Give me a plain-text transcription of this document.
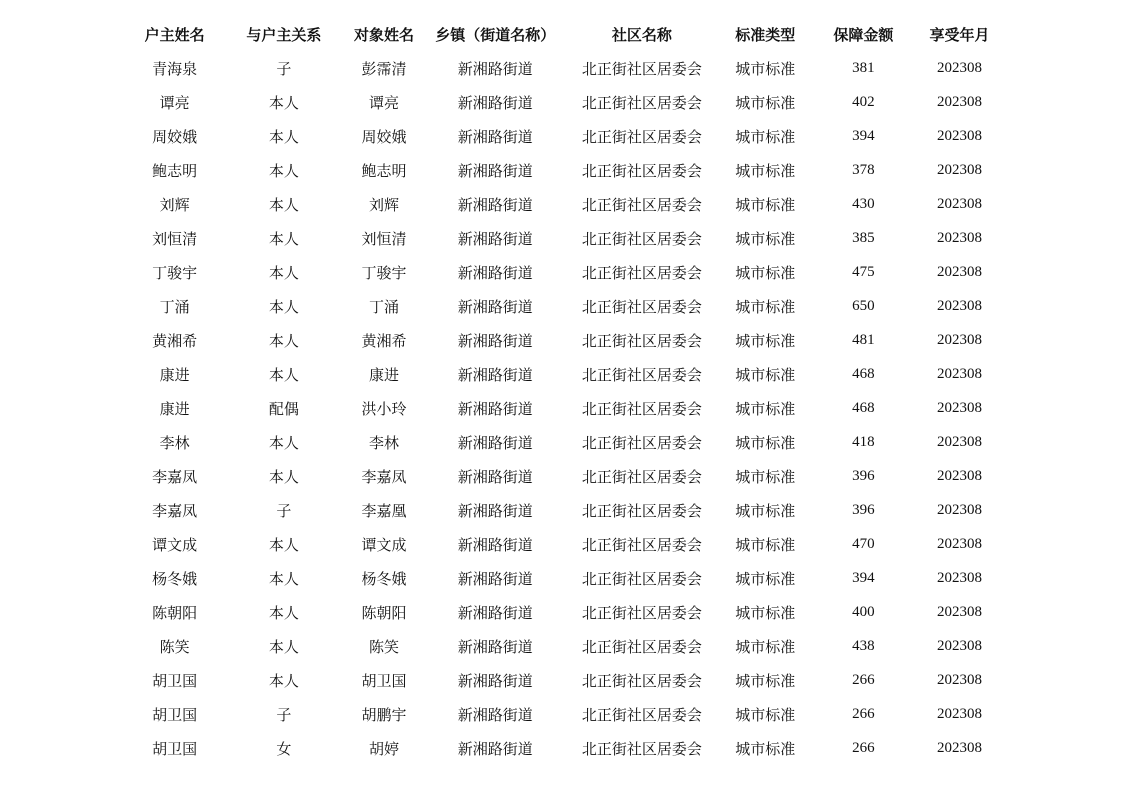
户主姓名	与户主关系	对象姓名	乡镇（街道名称）	社区名称	标准类型	保障金额	享受年月
青海泉	子	彭霈清	新湘路街道	北正街社区居委会	城市标准	381	202308
谭亮	本人	谭亮	新湘路街道	北正街社区居委会	城市标准	402	202308
周姣娥	本人	周姣娥	新湘路街道	北正街社区居委会	城市标准	394	202308
鲍志明	本人	鲍志明	新湘路街道	北正街社区居委会	城市标准	378	202308
刘辉	本人	刘辉	新湘路街道	北正街社区居委会	城市标准	430	202308
刘恒清	本人	刘恒清	新湘路街道	北正街社区居委会	城市标准	385	202308
丁骏宇	本人	丁骏宇	新湘路街道	北正街社区居委会	城市标准	475	202308
丁涌	本人	丁涌	新湘路街道	北正街社区居委会	城市标准	650	202308
黄湘希	本人	黄湘希	新湘路街道	北正街社区居委会	城市标准	481	202308
康进	本人	康进	新湘路街道	北正街社区居委会	城市标准	468	202308
康进	配偶	洪小玲	新湘路街道	北正街社区居委会	城市标准	468	202308
李林	本人	李林	新湘路街道	北正街社区居委会	城市标准	418	202308
李嘉凤	本人	李嘉凤	新湘路街道	北正街社区居委会	城市标准	396	202308
李嘉凤	子	李嘉凰	新湘路街道	北正街社区居委会	城市标准	396	202308
谭文成	本人	谭文成	新湘路街道	北正街社区居委会	城市标准	470	202308
杨冬娥	本人	杨冬娥	新湘路街道	北正街社区居委会	城市标准	394	202308
陈朝阳	本人	陈朝阳	新湘路街道	北正街社区居委会	城市标准	400	202308
陈笑	本人	陈笑	新湘路街道	北正街社区居委会	城市标准	438	202308
胡卫国	本人	胡卫国	新湘路街道	北正街社区居委会	城市标准	266	202308
胡卫国	子	胡鹏宇	新湘路街道	北正街社区居委会	城市标准	266	202308
胡卫国	女	胡婷	新湘路街道	北正街社区居委会	城市标准	266	202308
